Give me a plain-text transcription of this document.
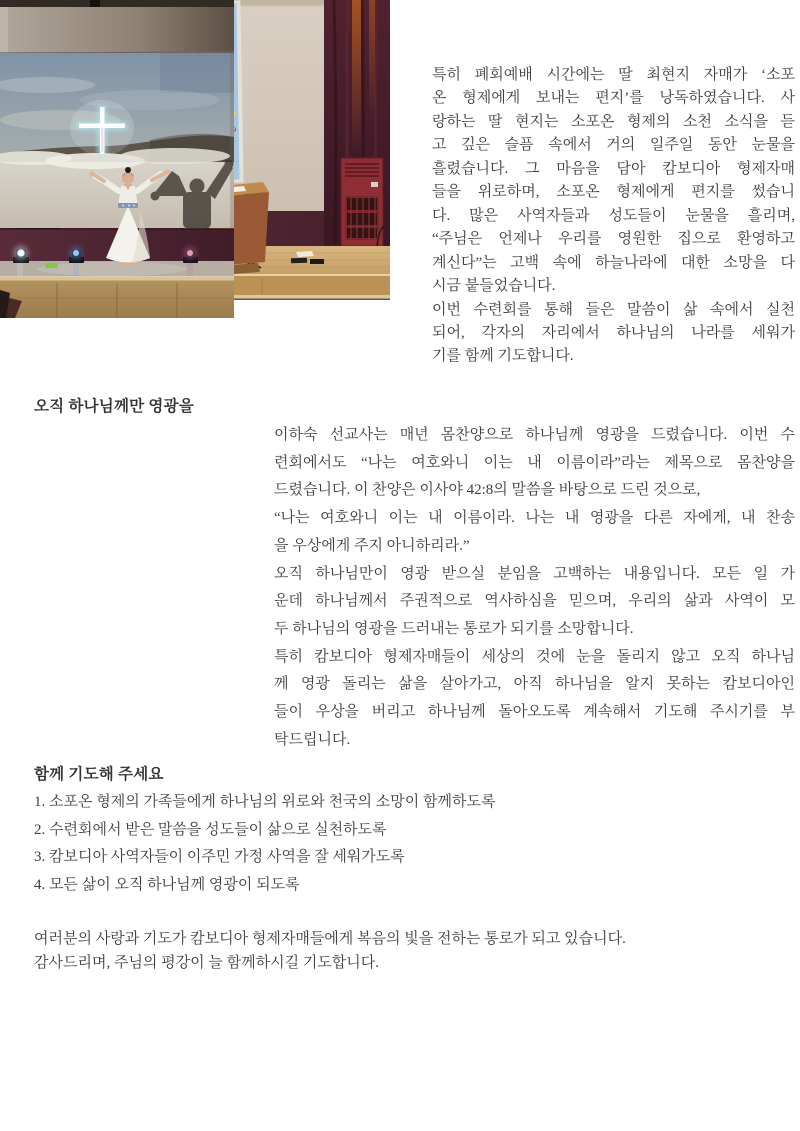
특히 폐회예배 시간에는 딸 최현지 자매가 ‘소포
온 형제에게 보내는 편지’를 낭독하였습니다. 사
랑하는 딸 현지는 소포온 형제의 소천 소식을 듣
고 깊은 슬픔 속에서 거의 일주일 동안 눈물을
흘렸습니다. 그 마음을 담아 캄보디아 형제자매
들을 위로하며, 소포온 형제에게 편지를 썼습니
다. 많은 사역자들과 성도들이 눈물을 흘리며,
“주님은 언제나 우리를 영원한 집으로 환영하고
계신다”는 고백 속에 하늘나라에 대한 소망을 다
시금 붙들었습니다.
이번 수련회를 통해 들은 말씀이 삶 속에서 실천
되어, 각자의 자리에서 하나님의 나라를 세워가
기를 함께 기도합니다.
오직 하나님께만 영광을
이하숙 선교사는 매년 몸찬양으로 하나님께 영광을 드렸습니다. 이번 수
련회에서도 “나는 여호와니 이는 내 이름이라”라는 제목으로 몸찬양을
드렸습니다. 이 찬양은 이사야 42:8의 말씀을 바탕으로 드린 것으로,
“나는 여호와니 이는 내 이름이라. 나는 내 영광을 다른 자에게, 내 찬송
을 우상에게 주지 아니하리라.”
오직 하나님만이 영광 받으실 분임을 고백하는 내용입니다. 모든 일 가
운데 하나님께서 주권적으로 역사하심을 믿으며, 우리의 삶과 사역이 모
두 하나님의 영광을 드러내는 통로가 되기를 소망합니다.
특히 캄보디아 형제자매들이 세상의 것에 눈을 돌리지 않고 오직 하나님
께 영광 돌리는 삶을 살아가고, 아직 하나님을 알지 못하는 캄보디아인
들이 우상을 버리고 하나님께 돌아오도록 계속해서 기도해 주시기를 부
탁드립니다.
함께 기도해 주세요
1. 소포온 형제의 가족들에게 하나님의 위로와 천국의 소망이 함께하도록
2. 수련회에서 받은 말씀을 성도들이 삶으로 실천하도록
3. 캄보디아 사역자들이 이주민 가정 사역을 잘 세워가도록
4. 모든 삶이 오직 하나님께 영광이 되도록
여러분의 사랑과 기도가 캄보디아 형제자매들에게 복음의 빛을 전하는 통로가 되고 있습니다.
감사드리며, 주님의 평강이 늘 함께하시길 기도합니다.
